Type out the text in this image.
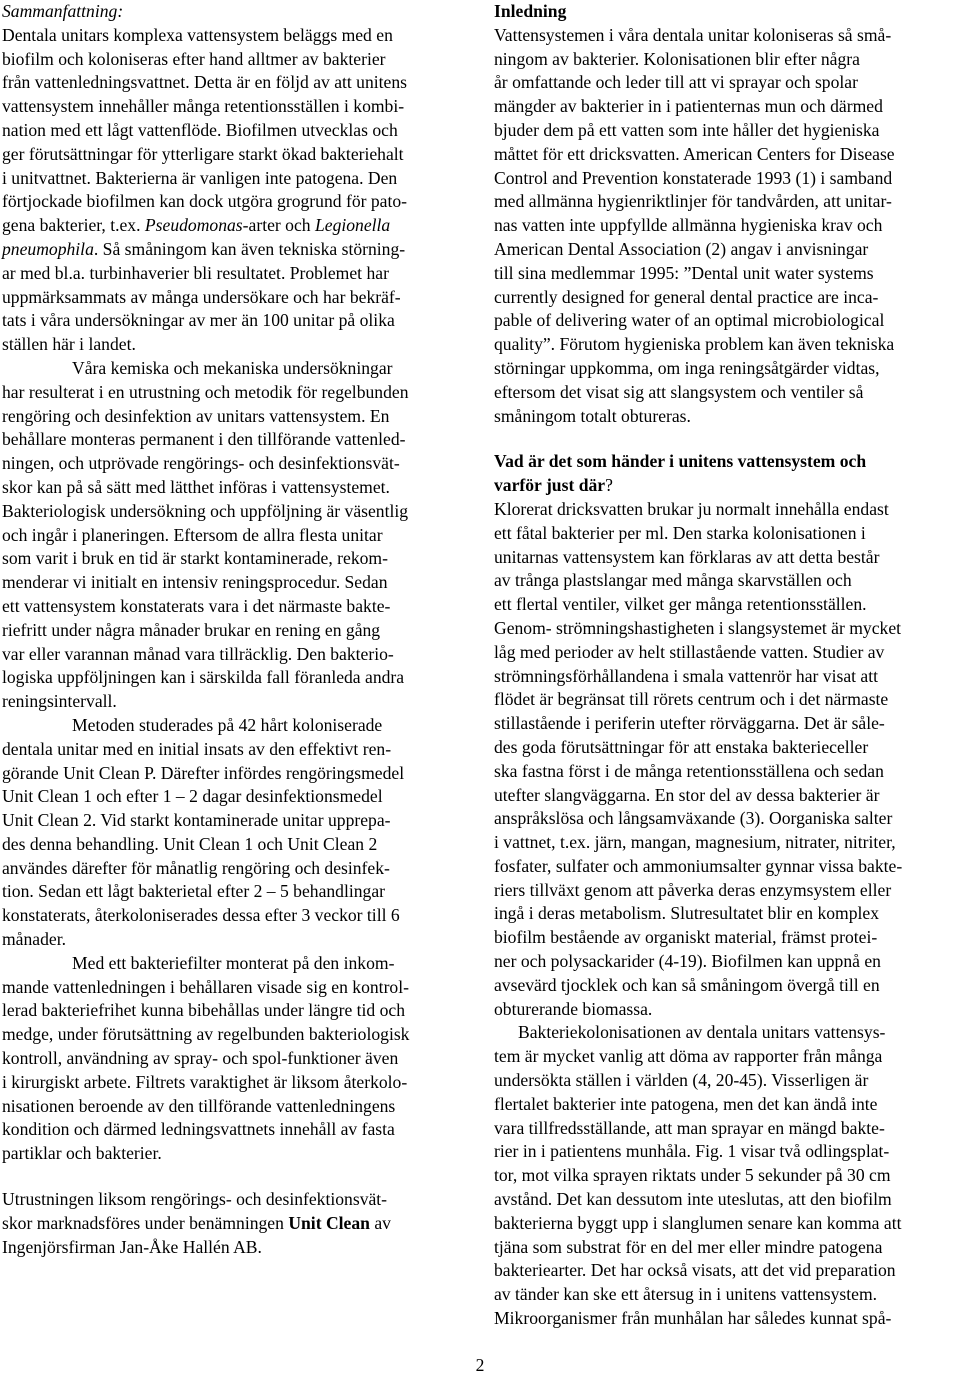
Sammanfattning:
Dentala unitars komplexa vattensystem beläggs med en
biofilm och koloniseras efter hand alltmer av bakterier
från vattenledningsvattnet. Detta är en följd av att unitens
vattensystem innehåller många retentionsställen i kombi-
nation med ett lågt vattenflöde. Biofilmen utvecklas och
ger förutsättningar för ytterligare starkt ökad bakteriehalt
i unitvattnet. Bakterierna är vanligen inte patogena. Den
förtjockade biofilmen kan dock utgöra grogrund för pato-
gena bakterier, t.ex. Pseudomonas-arter och Legionella
pneumophila. Så småningom kan även tekniska störning-
ar med bl.a. turbinhaverier bli resultatet. Problemet har
uppmärksammats av många undersökare och har bekräf-
tats i våra undersökningar av mer än 100 unitar på olika
ställen här i landet.
Våra kemiska och mekaniska undersökningar
har resulterat i en utrustning och metodik för regelbunden
rengöring och desinfektion av unitars vattensystem. En
behållare monteras permanent i den tillförande vattenled-
ningen, och utprövade rengörings- och desinfektionsvät-
skor kan på så sätt med lätthet införas i vattensystemet.
Bakteriologisk undersökning och uppföljning är väsentlig
och ingår i planeringen. Eftersom de allra flesta unitar
som varit i bruk en tid är starkt kontaminerade, rekom-
menderar vi initialt en intensiv reningsprocedur. Sedan
ett vattensystem konstaterats vara i det närmaste bakte-
riefritt under några månader brukar en rening en gång
var eller varannan månad vara tillräcklig. Den bakterio-
logiska uppföljningen kan i särskilda fall föranleda andra
reningsintervall.
Metoden studerades på 42 hårt koloniserade
dentala unitar med en initial insats av den effektivt ren-
görande Unit Clean P. Därefter infördes rengöringsmedel
Unit Clean 1 och efter 1 – 2 dagar desinfektionsmedel
Unit Clean 2. Vid starkt kontaminerade unitar upprepa-
des denna behandling. Unit Clean 1 och Unit Clean 2
användes därefter för månatlig rengöring och desinfek-
tion. Sedan ett lågt bakterietal efter 2 – 5 behandlingar
konstaterats, återkoloniserades dessa efter 3 veckor till 6
månader.
Med ett bakteriefilter monterat på den inkom-
mande vattenledningen i behållaren visade sig en kontrol-
lerad bakteriefrihet kunna bibehållas under längre tid och
medge, under förutsättning av regelbunden bakteriologisk
kontroll, användning av spray- och spol-funktioner även
i kirurgiskt arbete. Filtrets varaktighet är liksom återkolo-
nisationen beroende av den tillförande vattenledningens
kondition och därmed ledningsvattnets innehåll av fasta
partiklar och bakterier.
Utrustningen liksom rengörings- och desinfektionsvät-
skor marknadsföres under benämningen Unit Clean av
Ingenjörsfirman Jan-Åke Hallén AB.
Inledning
Vattensystemen i våra dentala unitar koloniseras så små-
ningom av bakterier. Kolonisationen blir efter några
år omfattande och leder till att vi sprayar och spolar
mängder av bakterier in i patienternas mun och därmed
bjuder dem på ett vatten som inte håller det hygieniska
måttet för ett dricksvatten. American Centers for Disease
Control and Prevention konstaterade 1993 (1) i samband
med allmänna hygienriktlinjer för tandvården, att unitar-
nas vatten inte uppfyllde allmänna hygieniska krav och
American Dental Association (2) angav i anvisningar
till sina medlemmar 1995: ”Dental unit water systems
currently designed for general dental practice are inca-
pable of delivering water of an optimal microbiological
quality”. Förutom hygieniska problem kan även tekniska
störningar uppkomma, om inga reningsåtgärder vidtas,
eftersom det visat sig att slangsystem och ventiler så
småningom totalt obtureras.
Vad är det som händer i unitens vattensystem och
varför just där?
Klorerat dricksvatten brukar ju normalt innehålla endast
ett fåtal bakterier per ml. Den starka kolonisationen i
unitarnas vattensystem kan förklaras av att detta består
av trånga plastslangar med många skarvställen och
ett flertal ventiler, vilket ger många retentionsställen.
Genom- strömningshastigheten i slangsystemet är mycket
låg med perioder av helt stillastående vatten. Studier av
strömningsförhållandena i smala vattenrör har visat att
flödet är begränsat till rörets centrum och i det närmaste
stillastående i periferin utefter rörväggarna. Det är såle-
des goda förutsättningar för att enstaka bakterieceller
ska fastna först i de många retentionsställena och sedan
utefter slangväggarna. En stor del av dessa bakterier är
anspråkslösa och långsamväxande (3). Oorganiska salter
i vattnet, t.ex. järn, mangan, magnesium, nitrater, nitriter,
fosfater, sulfater och ammoniumsalter gynnar vissa bakte-
riers tillväxt genom att påverka deras enzymsystem eller
ingå i deras metabolism. Slutresultatet blir en komplex
biofilm bestående av organiskt material, främst protei-
ner och polysackarider (4-19). Biofilmen kan uppnå en
avsevärd tjocklek och kan så småningom övergå till en
obturerande biomassa.
Bakteriekolonisationen av dentala unitars vattensys-
tem är mycket vanlig att döma av rapporter från många
undersökta ställen i världen (4, 20-45). Visserligen är
flertalet bakterier inte patogena, men det kan ändå inte
vara tillfredsställande, att man sprayar en mängd bakte-
rier in i patientens munhåla. Fig. 1 visar två odlingsplat-
tor, mot vilka sprayen riktats under 5 sekunder på 30 cm
avstånd. Det kan dessutom inte uteslutas, att den biofilm
bakterierna byggt upp i slanglumen senare kan komma att
tjäna som substrat för en del mer eller mindre patogena
bakteriearter. Det har också visats, att det vid preparation
av tänder kan ske ett återsug in i unitens vattensystem.
Mikroorganismer från munhålan har således kunnat spå-
2
